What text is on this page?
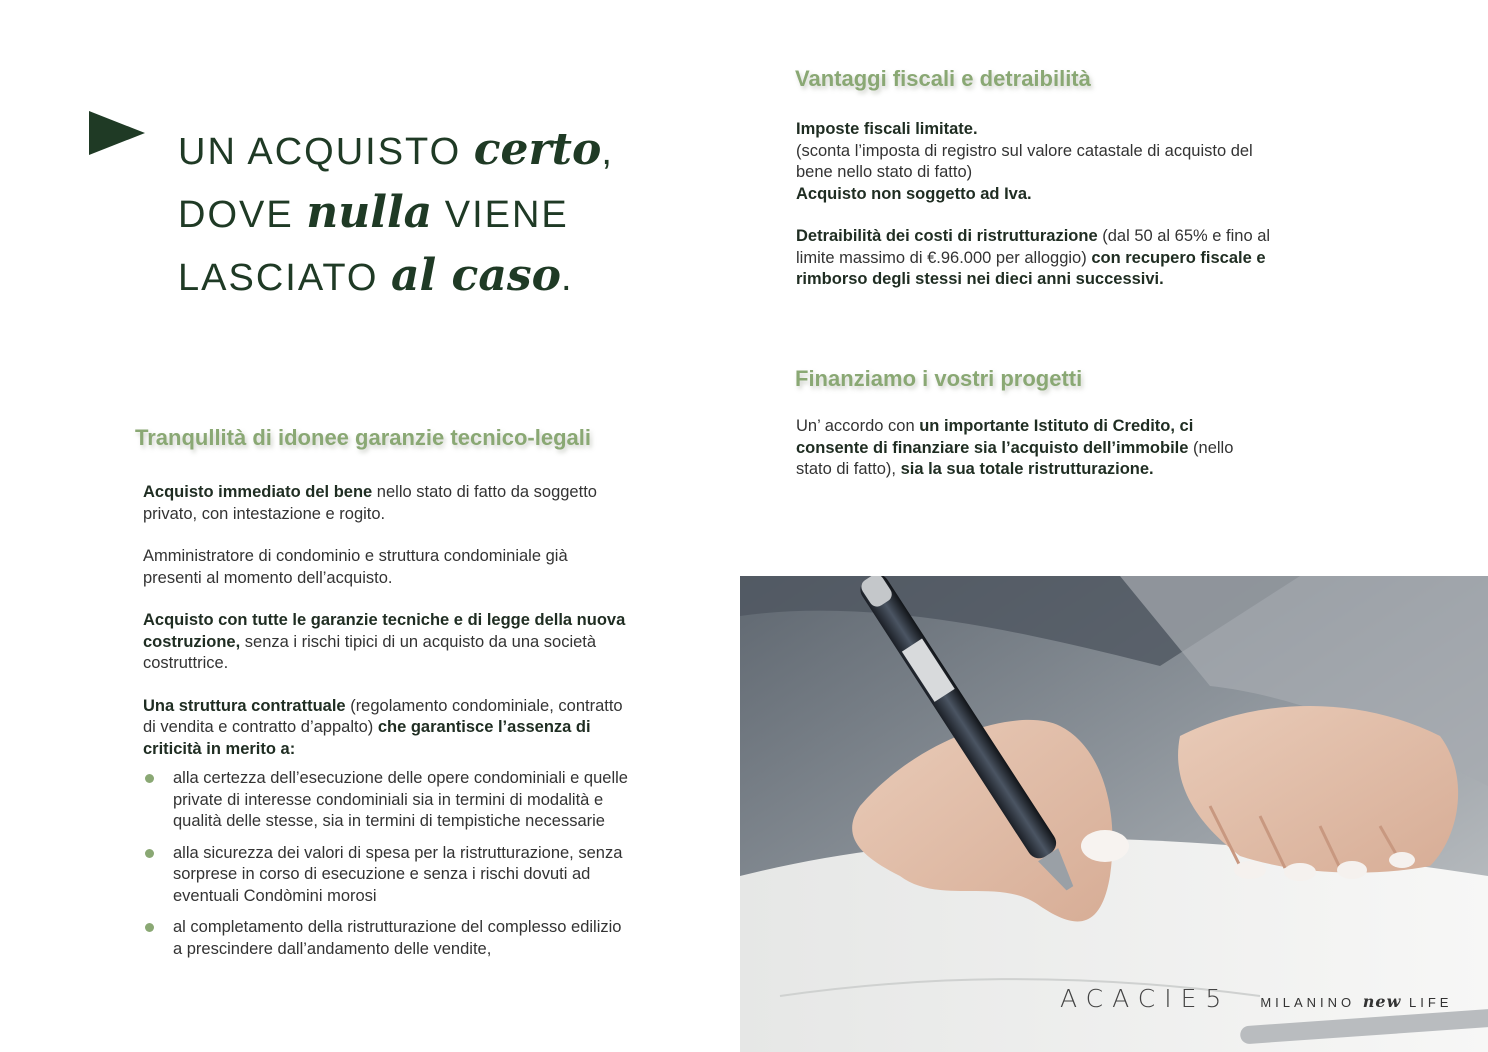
UN ACQUISTO certo,
DOVE nulla VIENE
LASCIATO al caso.
Tranqullità di idonee garanzie tecnico-legali

Acquisto immediato del bene nello stato di fatto da soggetto privato, con intestazione e rogito.

Amministratore di condominio e struttura condominiale già presenti al momento dell’acquisto.

Acquisto con tutte le garanzie tecniche e di legge della nuova costruzione, senza i rischi tipici di un acquisto da una società costruttrice.

Una struttura contrattuale (regolamento condominiale, contratto di vendita e contratto d’appalto) che garantisce l’assenza di criticità in merito a:

alla certezza dell’esecuzione delle opere condominiali e quelle private di interesse condominiali sia in termini di modalità e qualità delle stesse, sia in termini di tempistiche necessarie
alla sicurezza dei valori di spesa per la ristrutturazione, senza sorprese in corso di esecuzione e senza i rischi dovuti ad eventuali Condòmini morosi
al completamento della ristrutturazione del complesso edilizio a prescindere dall’andamento delle vendite,
Vantaggi fiscali e detraibilità

Imposte fiscali limitate.
(sconta l’imposta di registro sul valore catastale di acquisto del bene nello stato di fatto)
Acquisto non soggetto ad Iva.

Detraibilità dei costi di ristrutturazione (dal 50 al 65% e fino al limite massimo di €.96.000 per alloggio) con recupero fiscale e rimborso degli stessi nei dieci anni successivi.

Finanziamo i vostri progetti

Un’ accordo con un importante Istituto di Credito, ci consente di finanziare sia l’acquisto dell’immobile (nello stato di fatto), sia la sua totale ristrutturazione.

ACACIE5 MILANINO new LIFE
